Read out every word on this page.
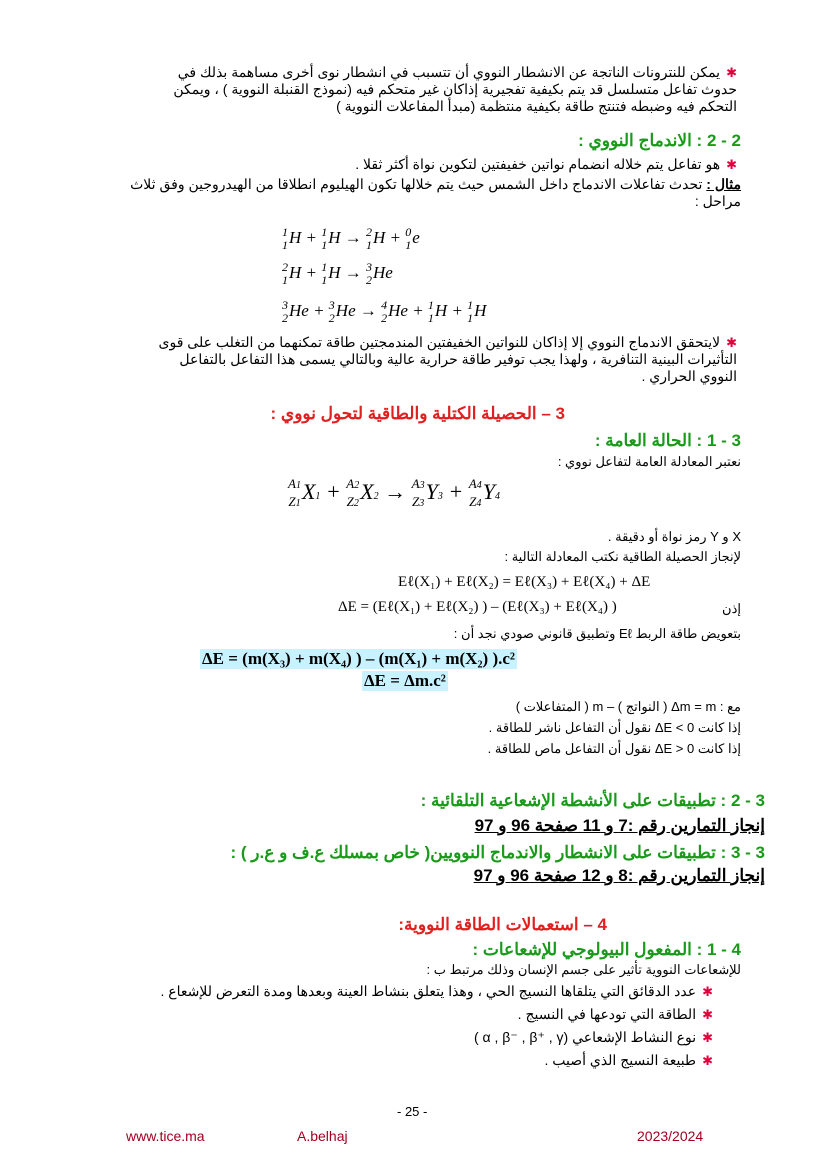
✱يمكن للنترونات الناتجة عن الانشطار النووي أن تتسبب في انشطار نوى أخرى مساهمة بذلك في
حدوث تفاعل متسلسل قد يتم بكيفية تفجيرية إذاكان غير متحكم فيه (نموذج القنبلة النووية ) ، ويمكن
التحكم فيه وضبطه فتنتج طاقة بكيفية منتظمة (مبدأ المفاعلات النووية )
2 - 2 : الاندماج النووي :
✱هو تفاعل يتم خلاله انضمام نواتين خفيفتين لتكوين نواة أكثر ثقلا .
مثال : تحدث تفاعلات الاندماج داخل الشمس حيث يتم خلالها تكون الهيليوم انطلاقا من الهيدروجين وفق ثلاث
مراحل :
1
1 H + 1
1 H → 2
1 H + 0
1 e
2
1 H + 1
1 H → 3
2 He
3
2 He + 3
2 He → 4
2 He + 1
1 H + 1
1 H
✱لايتحقق الاندماج النووي إلا إذاكان للنواتين الخفيفتين المندمجتين طاقة تمكنهما من التغلب على قوى
التأثيرات البينية التنافرية ، ولهذا يجب توفير طاقة حرارية عالية وبالتالي يسمى هذا التفاعل بالتفاعل
النووي الحراري .
3 – الحصيلة الكتلية والطاقية لتحول نووي :
3 - 1 : الحالة العامة :
نعتبر المعادلة العامة لتفاعل نووي :
A1
Z1 X1 + A2
Z2 X2 → A3
Z3 Y3 + A4
Z4 Y4
X و Y رمز نواة أو دقيقة .
لإنجاز الحصيلة الطاقية نكتب المعادلة التالية :
Eℓ(X₁) + Eℓ(X₂) = Eℓ(X₃) + Eℓ(X₄) + ΔE
ΔE = (Eℓ(X₁) + Eℓ(X₂) ) – (Eℓ(X₃) + Eℓ(X₄) )	إذن
بتعويض طاقة الربط Eℓ وتطبيق قانوني صودي نجد أن :
ΔE = (m(X₃) + m(X₄) ) – (m(X₁) + m(X₂) ).c²
ΔE = Δm.c²
مع : Δm = m ( النواتج ) – m ( المتفاعلات )
إذا كانت ΔE < 0 نقول أن التفاعل ناشر للطاقة .
إذا كانت ΔE > 0 نقول أن التفاعل ماص للطاقة .
3 - 2 : تطبيقات على الأنشطة الإشعاعية التلقائية :
إنجاز التمارين رقم :7 و 11 صفحة 96 و 97
3 - 3 : تطبيقات على الانشطار والاندماج النوويين( خاص بمسلك ع.ف و ع.ر ) :
إنجاز التمارين رقم :8 و 12 صفحة 96 و 97
4 – استعمالات الطاقة النووية:
4 - 1 : المفعول البيولوجي للإشعاعات :
للإشعاعات النووية تأثير على جسم الإنسان وذلك مرتبط ب :
✱عدد الدقائق التي يتلقاها النسيج الحي ، وهذا يتعلق بنشاط العينة وبعدها ومدة التعرض للإشعاع .
✱الطاقة التي تودعها في النسيج .
✱نوع النشاط الإشعاعي (α , β⁻ , β⁺ , γ )
✱طبيعة النسيج الذي أصيب .
- 25 -
www.tice.ma	A.belhaj	2023/2024
